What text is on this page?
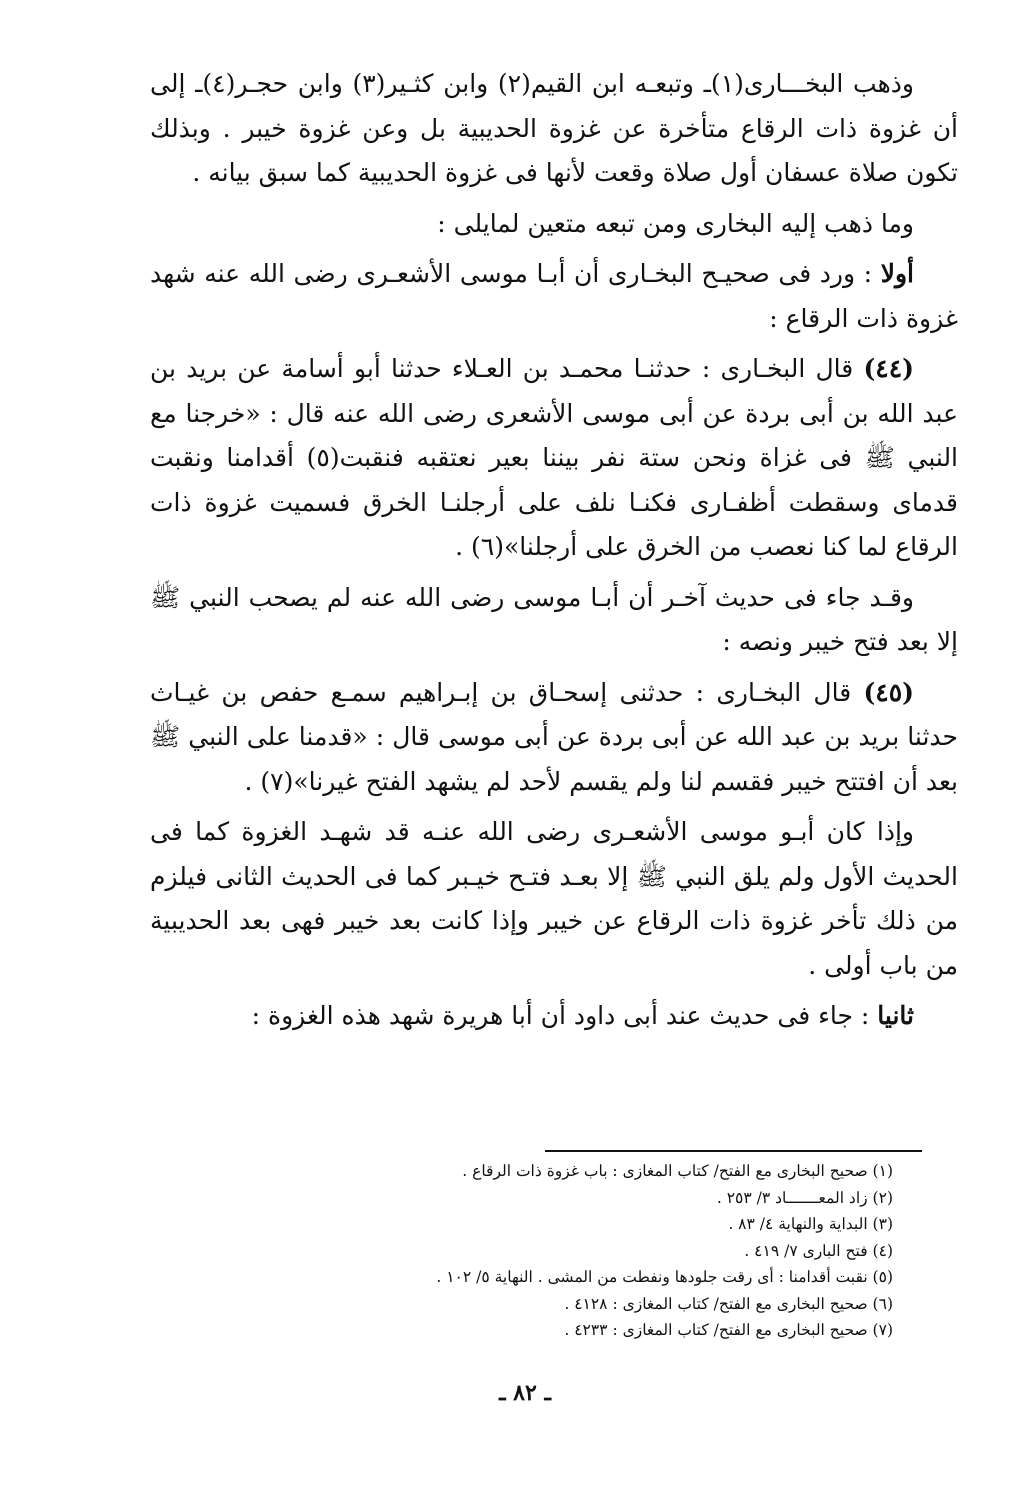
وذهب البخـــارى(١)ـ وتبعـه ابن القيم(٢) وابن كثـير(٣) وابن حجـر(٤)ـ إلى أن غزوة ذات الرقاع متأخرة عن غزوة الحديبية بل وعن غزوة خيبر . وبذلك تكون صلاة عسفان أول صلاة وقعت لأنها فى غزوة الحديبية كما سبق بيانه .

وما ذهب إليه البخارى ومن تبعه متعين لمايلى :

أولا : ورد فى صحيـح البخـارى أن أبـا موسى الأشعـرى رضى الله عنه شهد غزوة ذات الرقاع :

(٤٤) قال البخـارى : حدثنـا محمـد بن العـلاء حدثنا أبو أسامة عن بريد بن عبد الله بن أبى بردة عن أبى موسى الأشعرى رضى الله عنه قال : «خرجنا مع النبي ﷺ فى غزاة ونحن ستة نفر بيننا بعير نعتقبه فنقبت(٥) أقدامنا ونقبت قدماى وسقطت أظفـارى فكنـا نلف على أرجلنـا الخرق فسميت غزوة ذات الرقاع لما كنا نعصب من الخرق على أرجلنا»(٦) .

وقـد جاء فى حديث آخـر أن أبـا موسى رضى الله عنه لم يصحب النبي ﷺ إلا بعد فتح خيبر ونصه :

(٤٥) قال البخـارى : حدثنى إسحـاق بن إبـراهيم سمـع حفص بن غيـاث حدثنا بريد بن عبد الله عن أبى بردة عن أبى موسى قال : «قدمنا على النبي ﷺ بعد أن افتتح خيبر فقسم لنا ولم يقسم لأحد لم يشهد الفتح غيرنا»(٧) .

وإذا كان أبـو موسى الأشعـرى رضى الله عنـه قد شهـد الغزوة كما فى الحديث الأول ولم يلق النبي ﷺ إلا بعـد فتـح خيـبر كما فى الحديث الثانى فيلزم من ذلك تأخر غزوة ذات الرقاع عن خيبر وإذا كانت بعد خيبر فهى بعد الحديبية من باب أولى .

ثانيا : جاء فى حديث عند أبى داود أن أبا هريرة شهد هذه الغزوة :

(١) صحيح البخارى مع الفتح/ كتاب المغازى : باب غزوة ذات الرقاع .
(٢) زاد المعـــــــاد ٣/ ٢٥٣ .
(٣) البداية والنهاية ٤/ ٨٣ .
(٤) فتح البارى ٧/ ٤١٩ .
(٥) نقبت أقدامنا : أى رقت جلودها ونفطت من المشى . النهاية ٥/ ١٠٢ .
(٦) صحيح البخارى مع الفتح/ كتاب المغازى : ٤١٢٨ .
(٧) صحيح البخارى مع الفتح/ كتاب المغازى : ٤٢٣٣ .
ـ ٨٢ ـ
